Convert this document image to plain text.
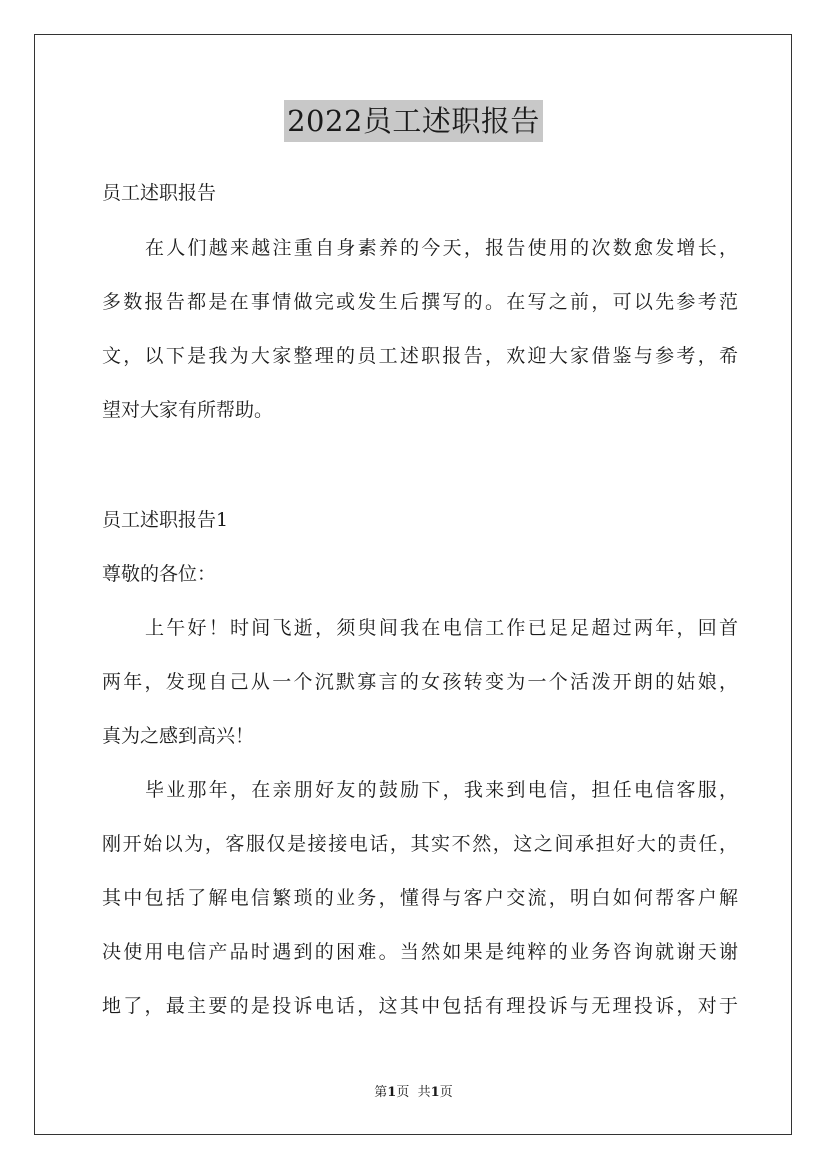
2022员工述职报告

员工述职报告

在人们越来越注重自身素养的今天，报告使用的次数愈发增长，

多数报告都是在事情做完或发生后撰写的。在写之前，可以先参考范

文，以下是我为大家整理的员工述职报告，欢迎大家借鉴与参考，希

望对大家有所帮助。

员工述职报告1

尊敬的各位：

上午好！时间飞逝，须臾间我在电信工作已足足超过两年，回首

两年，发现自己从一个沉默寡言的女孩转变为一个活泼开朗的姑娘，

真为之感到高兴！

毕业那年，在亲朋好友的鼓励下，我来到电信，担任电信客服，

刚开始以为，客服仅是接接电话，其实不然，这之间承担好大的责任，

其中包括了解电信繁琐的业务，懂得与客户交流，明白如何帮客户解

决使用电信产品时遇到的困难。当然如果是纯粹的业务咨询就谢天谢

地了，最主要的是投诉电话，这其中包括有理投诉与无理投诉，对于

第1页 共1页
